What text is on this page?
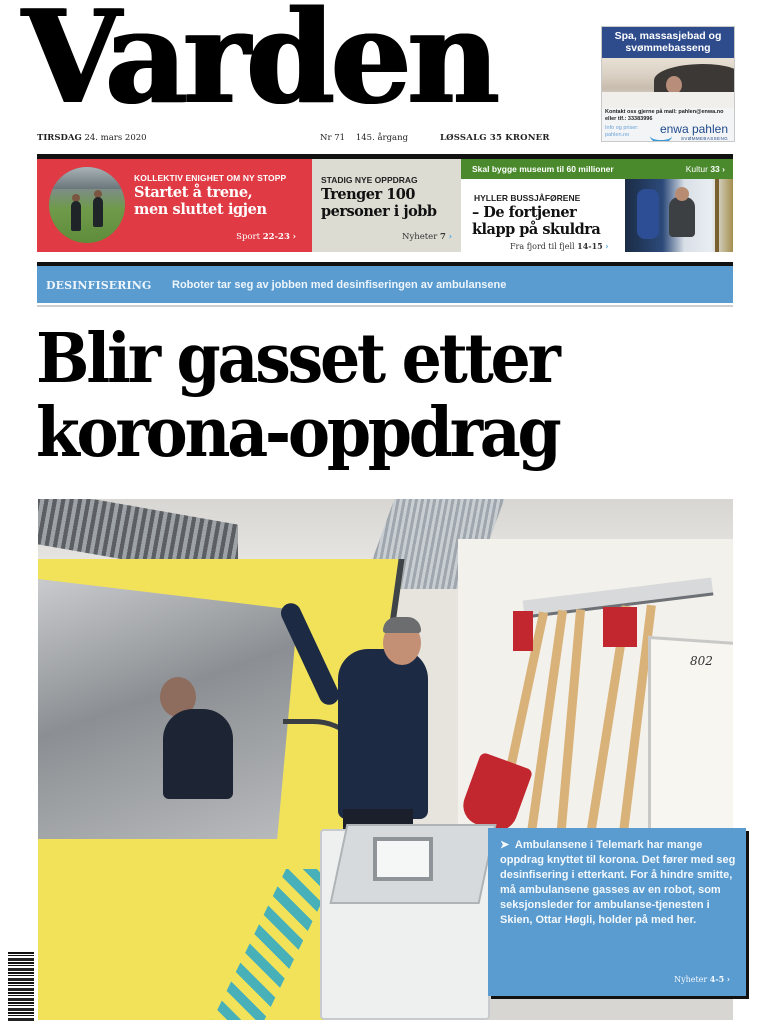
Varden
TIRSDAG 24. mars 2020	Nr 71 145. årgang	LØSSALG 35 KRONER
Spa, massasjebad og
svømmebasseng
Kontakt oss gjerne på mail: pahlen@enwa.no
eller tlf.: 33383996
Info og priser:
pahlen.no	enwa pahlen
SVØMMEBASSENG
KOLLEKTIV ENIGHET OM NY STOPP
Startet å trene,
men sluttet igjen
Sport 22-23 ›
STADIG NYE OPPDRAG
Trenger 100
personer i jobb
Nyheter 7 ›
Skal bygge museum til 60 millioner	Kultur 33 ›
HYLLER BUSSJÅFØRENE
– De fortjener
klapp på skuldra
Fra fjord til fjell 14-15 ›
DESINFISERING Roboter tar seg av jobben med desinfiseringen av ambulansene
Blir gasset etter
korona-oppdrag
802
➤ Ambulansene i Telemark har mange oppdrag knyttet til korona. Det fører med seg desinfisering i etterkant. For å hindre smitte, må ambulansene gasses av en robot, som seksjonsleder for ambulanse-tjenesten i Skien, Ottar Høgli, holder på med her.
Nyheter 4-5 ›
